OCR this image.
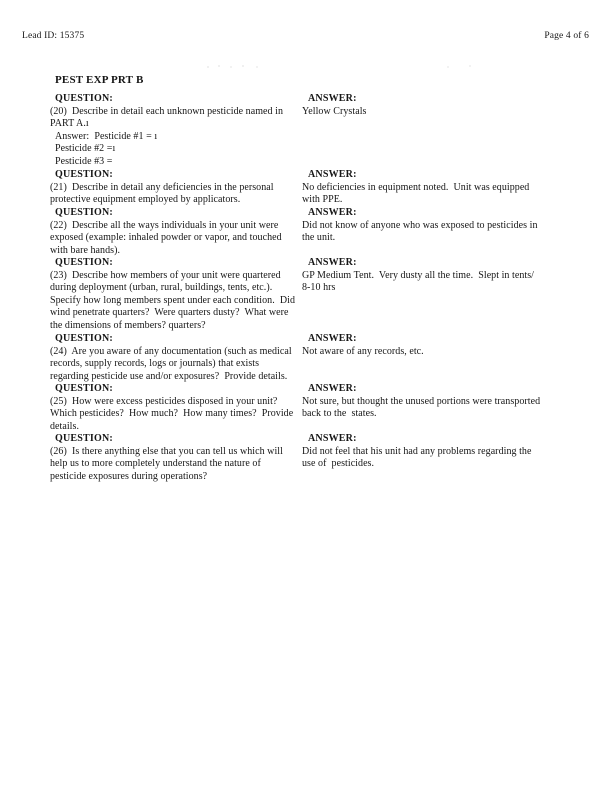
Lead ID: 15375	Page 4 of 6
PEST EXP PRT B
QUESTION:
(20)  Describe in detail each unknown pesticide named in
PART A.ı
Answer:  Pesticide #1 = ı
Pesticide #2 =ı
Pesticide #3 =
ANSWER:
Yellow Crystals
QUESTION:
(21)  Describe in detail any deficiencies in the personal
protective equipment employed by applicators.
ANSWER:
No deficiencies in equipment noted.  Unit was equipped
with PPE.
QUESTION:
(22)  Describe all the ways individuals in your unit were
exposed (example: inhaled powder or vapor, and touched
with bare hands).
ANSWER:
Did not know of anyone who was exposed to pesticides in
the unit.
QUESTION:
(23)  Describe how members of your unit were quartered
during deployment (urban, rural, buildings, tents, etc.).
Specify how long members spent under each condition.  Did
wind penetrate quarters?  Were quarters dusty?  What were
the dimensions of members? quarters?
ANSWER:
GP Medium Tent.  Very dusty all the time.  Slept in tents/
8-10 hrs
QUESTION:
(24)  Are you aware of any documentation (such as medical
records, supply records, logs or journals) that exists
regarding pesticide use and/or exposures?  Provide details.
ANSWER:
Not aware of any records, etc.
QUESTION:
(25)  How were excess pesticides disposed in your unit?
Which pesticides?  How much?  How many times?  Provide
details.
ANSWER:
Not sure, but thought the unused portions were transported
back to the  states.
QUESTION:
(26)  Is there anything else that you can tell us which will
help us to more completely understand the nature of
pesticide exposures during operations?
ANSWER:
Did not feel that his unit had any problems regarding the
use of  pesticides.
